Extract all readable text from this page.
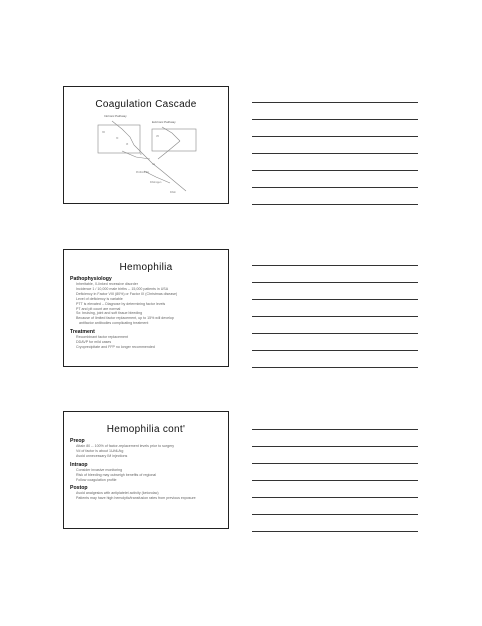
Coagulation Cascade
Intrinsic Pathway
Extrinsic Pathway
XII
XI
IX
VII
X
Xa
Prothrombin
Fibrinogen
Fibrin
Hemophilia
Pathophysiology
Inheritable, X-linked recessive disorder
Incidence 1 / 10,000 male births -- 15,000 patients in USA
Deficiency in Factor VIII (80%) or Factor IX (Christmas disease)
Level of deficiency is variable
PTT is elevated -- Diagnose by determining factor levels
PT and plt count are normal
Sx: bruising, joint and soft tissue bleeding
Because of limited factor replacement, up to 15% will develop
antifactor antibodies complicating treatment
Treatment
Recombinant factor replacement
DDAVP for mild cases
Cryoprecipitate and FFP no longer recommended
Hemophilia cont'
Preop
Attain 80 -- 100% of factor-replacement levels prior to surgery
Vd of factor is about 1U/dL/kg
Avoid unnecessary IM injections
Intraop
Consider invasive monitoring
Risk of bleeding may outweigh benefits of regional
Follow coagulation profile
Postop
Avoid analgesics with antiplatelet activity (ketorolac)
Patients may have high hemolytic/transfusion rates from previous exposure
